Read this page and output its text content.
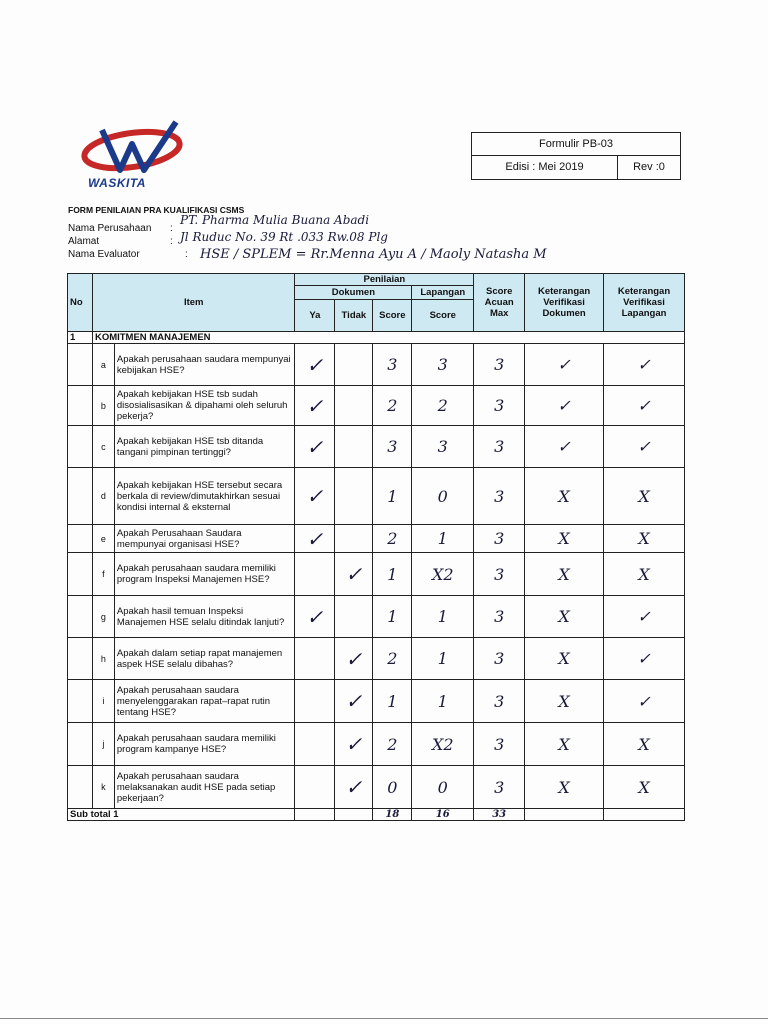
WASKITA
Formulir PB-03
Edisi : Mei 2019	Rev :0
FORM PENILAIAN PRA KUALIFIKASI CSMS
Nama Perusahaan :
PT. Pharma Mulia Buana Abadi
Alamat	: Jl Ruduc No. 39 Rt .033 Rw.08 Plg
Nama Evaluator	: HSE / SPLEM = Rr.Menna Ayu A / Maoly Natasha M
No	Item		Penilaian				Score Acuan Max	Keterangan Verifikasi Dokumen	Keterangan Verifikasi Lapangan
			Dokumen			Lapangan			
			Ya	Tidak	Score	Score			
1	KOMITMEN MANAJEMEN								
	a	Apakah perusahaan saudara mempunyai kebijakan HSE?	✓		3	3	3	✓	✓
	b	Apakah kebijakan HSE tsb sudah disosialisasikan & dipahami oleh seluruh pekerja?	✓		2	2	3	✓	✓
	c	Apakah kebijakan HSE tsb ditanda tangani pimpinan tertinggi?	✓		3	3	3	✓	✓
	d	Apakah kebijakan HSE tersebut secara berkala di review/dimutakhirkan sesuai kondisi internal & eksternal	✓		1	0	3	X	X
	e	Apakah Perusahaan Saudara mempunyai organisasi HSE?	✓		2	1	3	X	X
	f	Apakah perusahaan saudara memiliki program Inspeksi Manajemen HSE?		✓	1	X2	3	X	X
	g	Apakah hasil temuan Inspeksi Manajemen HSE selalu ditindak lanjuti?	✓		1	1	3	X	✓
	h	Apakah dalam setiap rapat manajemen aspek HSE selalu dibahas?		✓	2	1	3	X	✓
	i	Apakah perusahaan saudara menyelenggarakan rapat–rapat rutin tentang HSE?		✓	1	1	3	X	✓
	j	Apakah perusahaan saudara memiliki program kampanye HSE?		✓	2	X2	3	X	X
	k	Apakah perusahaan saudara melaksanakan audit HSE pada setiap pekerjaan?		✓	0	0	3	X	X
Sub total 1					18	16	33		
